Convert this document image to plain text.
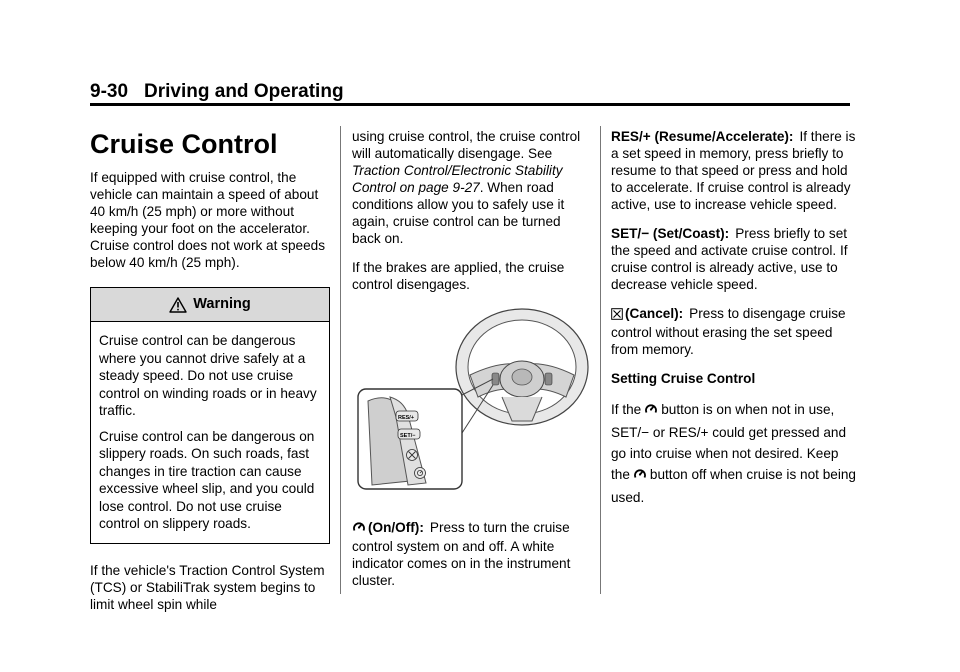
9-30 Driving and Operating
Cruise Control

If equipped with cruise control, the vehicle can maintain a speed of about 40 km/h (25 mph) or more without keeping your foot on the accelerator. Cruise control does not work at speeds below 40 km/h (25 mph).

Warning

Cruise control can be dangerous where you cannot drive safely at a steady speed. Do not use cruise control on winding roads or in heavy traffic.

Cruise control can be dangerous on slippery roads. On such roads, fast changes in tire traction can cause excessive wheel slip, and you could lose control. Do not use cruise control on slippery roads.

If the vehicle's Traction Control System (TCS) or StabiliTrak system begins to limit wheel spin while

using cruise control, the cruise control will automatically disengage. See Traction Control/Electronic Stability Control on page 9-27. When road conditions allow you to safely use it again, cruise control can be turned back on.

If the brakes are applied, the cruise control disengages.

RES/+
SET/−

(On/Off): Press to turn the cruise control system on and off. A white indicator comes on in the instrument cluster.

RES/+ (Resume/Accelerate): If there is a set speed in memory, press briefly to resume to that speed or press and hold to accelerate. If cruise control is already active, use to increase vehicle speed.

SET/− (Set/Coast): Press briefly to set the speed and activate cruise control. If cruise control is already active, use to decrease vehicle speed.

(Cancel): Press to disengage cruise control without erasing the set speed from memory.

Setting Cruise Control

If the button is on when not in use, SET/− or RES/+ could get pressed and go into cruise when not desired. Keep the button off when cruise is not being used.
